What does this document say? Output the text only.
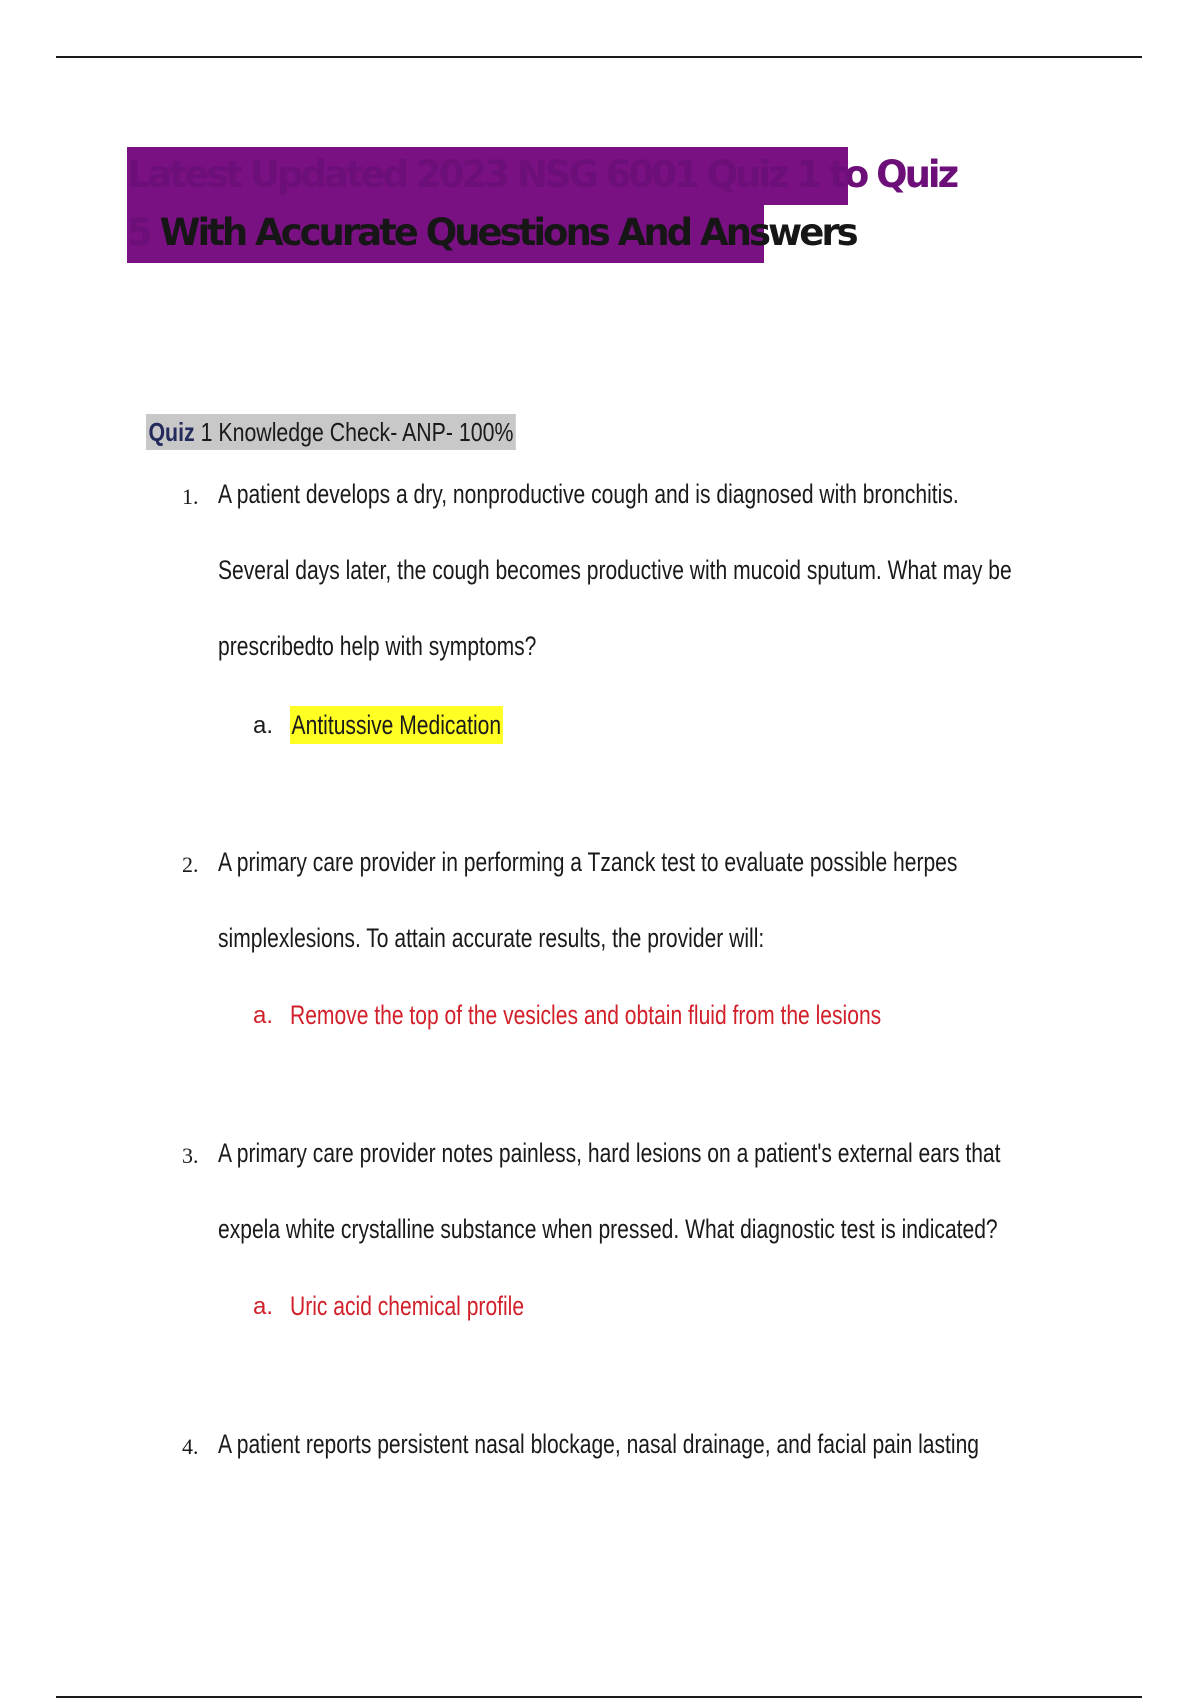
Latest Updated 2023 NSG 6001 Quiz 1 to Quiz
5 With Accurate Questions And Answers
Quiz 1 Knowledge Check- ANP- 100%
1. A patient develops a dry, nonproductive cough and is diagnosed with bronchitis.
Several days later, the cough becomes productive with mucoid sputum. What may be
prescribedto help with symptoms?
a. Antitussive Medication
2. A primary care provider in performing a Tzanck test to evaluate possible herpes
simplexlesions. To attain accurate results, the provider will:
a. Remove the top of the vesicles and obtain fluid from the lesions
3. A primary care provider notes painless, hard lesions on a patient's external ears that
expela white crystalline substance when pressed. What diagnostic test is indicated?
a. Uric acid chemical profile
4. A patient reports persistent nasal blockage, nasal drainage, and facial pain lasting
